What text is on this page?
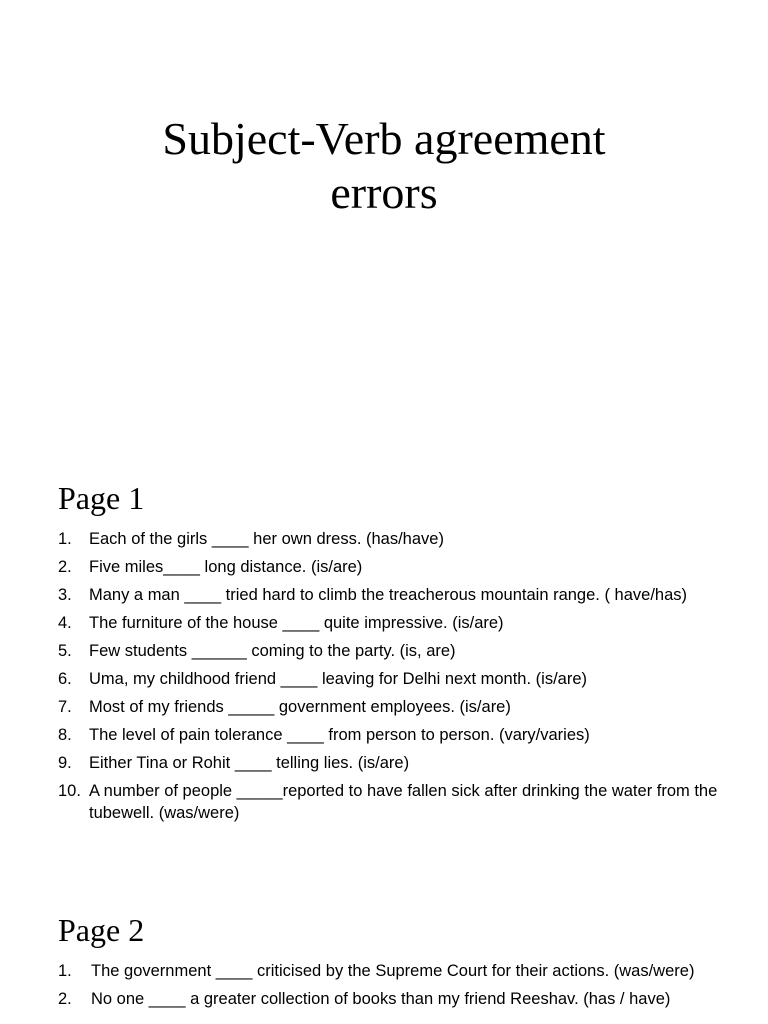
Subject-Verb agreement
errors
Page 1
1.	Each of the girls ____ her own dress. (has/have)
2.	Five miles____ long distance. (is/are)
3.	Many a man ____ tried hard to climb the treacherous mountain range. ( have/has)
4.	The furniture of the house ____ quite impressive. (is/are)
5.	Few students ______ coming to the party. (is, are)
6.	Uma, my childhood friend ____ leaving for Delhi next month. (is/are)
7.	Most of my friends _____ government employees. (is/are)
8.	The level of pain tolerance ____ from person to person. (vary/varies)
9.	Either Tina or Rohit ____ telling lies. (is/are)
10. A number of people _____reported to have fallen sick after drinking the water from the tubewell. (was/were)
Page 2
1.	The government ____ criticised by the Supreme Court for their actions. (was/were)
2.	No one ____ a greater collection of books than my friend Reeshav. (has / have)
